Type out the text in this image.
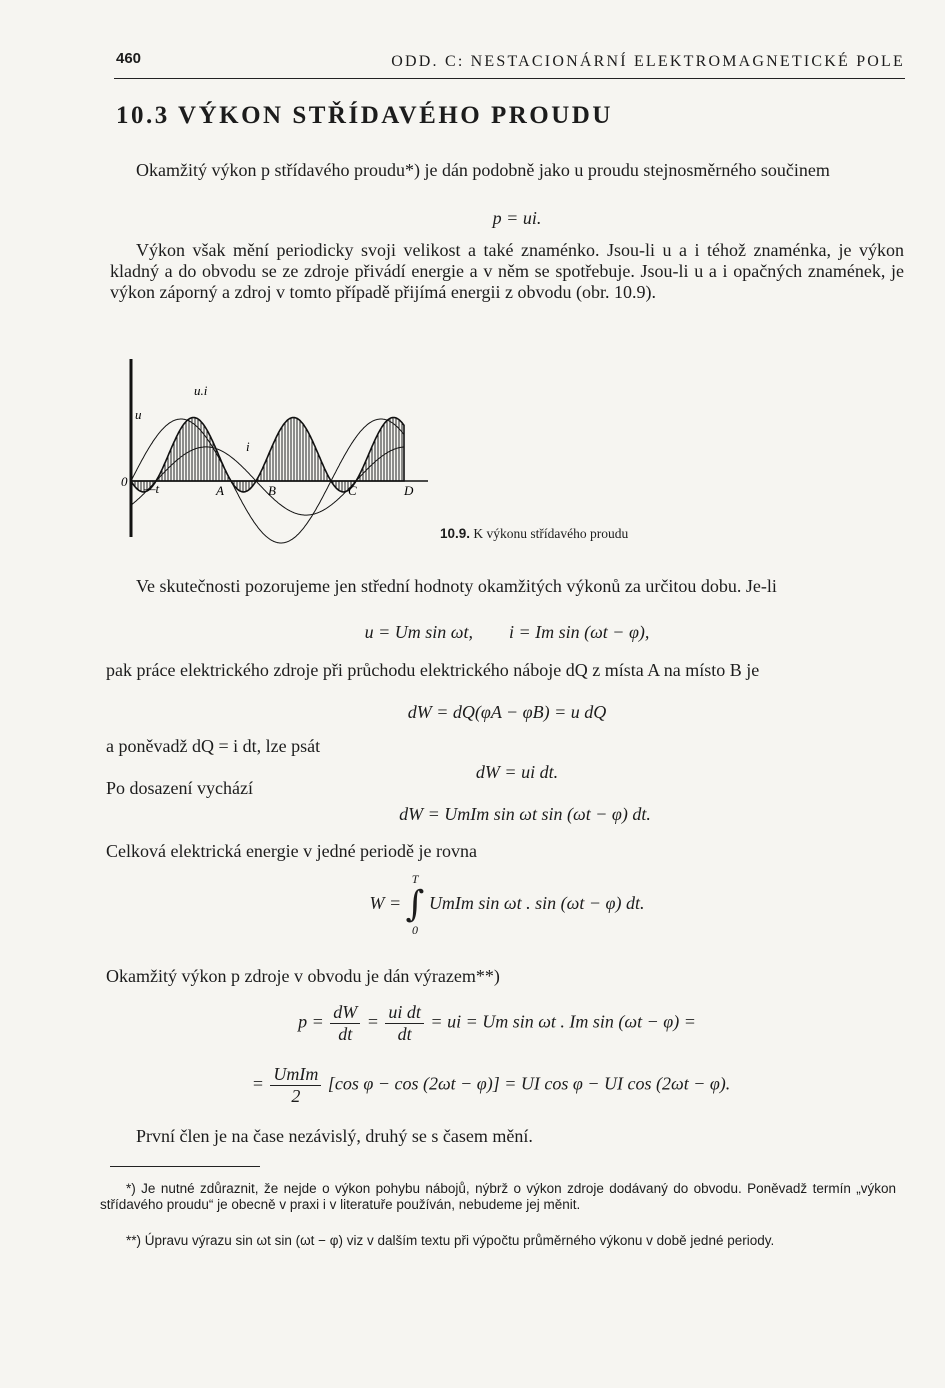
460	ODD. C: NESTACIONÁRNÍ ELEKTROMAGNETICKÉ POLE
10.3 VÝKON STŘÍDAVÉHO PROUDU

Okamžitý výkon p střídavého proudu*) je dán podobně jako u proudu stejnosměrného součinem

p = ui.

Výkon však mění periodicky svoji velikost a také znaménko. Jsou-li u a i téhož znaménka, je výkon kladný a do obvodu se ze zdroje přivádí energie a v něm se spotřebuje. Jsou-li u a i opačných znamének, je výkon záporný a zdroj v tomto případě přijímá energii z obvodu (obr. 10.9).

u.i
u
i
0 —t	A	B	C	D
10.9. K výkonu střídavého proudu

Ve skutečnosti pozorujeme jen střední hodnoty okamžitých výkonů za určitou dobu. Je-li

u = Um sin ωt,        i = Im sin (ωt − φ),

pak práce elektrického zdroje při průchodu elektrického náboje dQ z místa A na místo B je

dW = dQ(φA − φB) = u dQ
a poněvadž dQ = i dt, lze psát
dW = ui dt.
Po dosazení vychází
dW = UmIm sin ωt sin (ωt − φ) dt.
Celková elektrická energie v jedné periodě je rovna
W =
T
∫
0
UmIm sin ωt . sin (ωt − φ) dt.
Okamžitý výkon p zdroje v obvodu je dán výrazem**)
$p = \frac{dW}{dt} = \frac{\text{ui dt}}{dt}$ = ui = Um sin ωt . Im sin (ωt − φ) =
= $\frac{\text{UmIm}}{2} [\cos$ φ − cos (2ωt − φ)] = UI cos φ − UI cos (2ωt − φ).

První člen je na čase nezávislý, druhý se s časem mění.

*) Je nutné zdůraznit, že nejde o výkon pohybu nábojů, nýbrž o výkon zdroje dodávaný do obvodu. Poněvadž termín „výkon střídavého proudu“ je obecně v praxi i v literatuře používán, nebudeme jej měnit.

**) Úpravu výrazu sin ωt sin (ωt − φ) viz v dalším textu při výpočtu průměrného výkonu v době jedné periody.
